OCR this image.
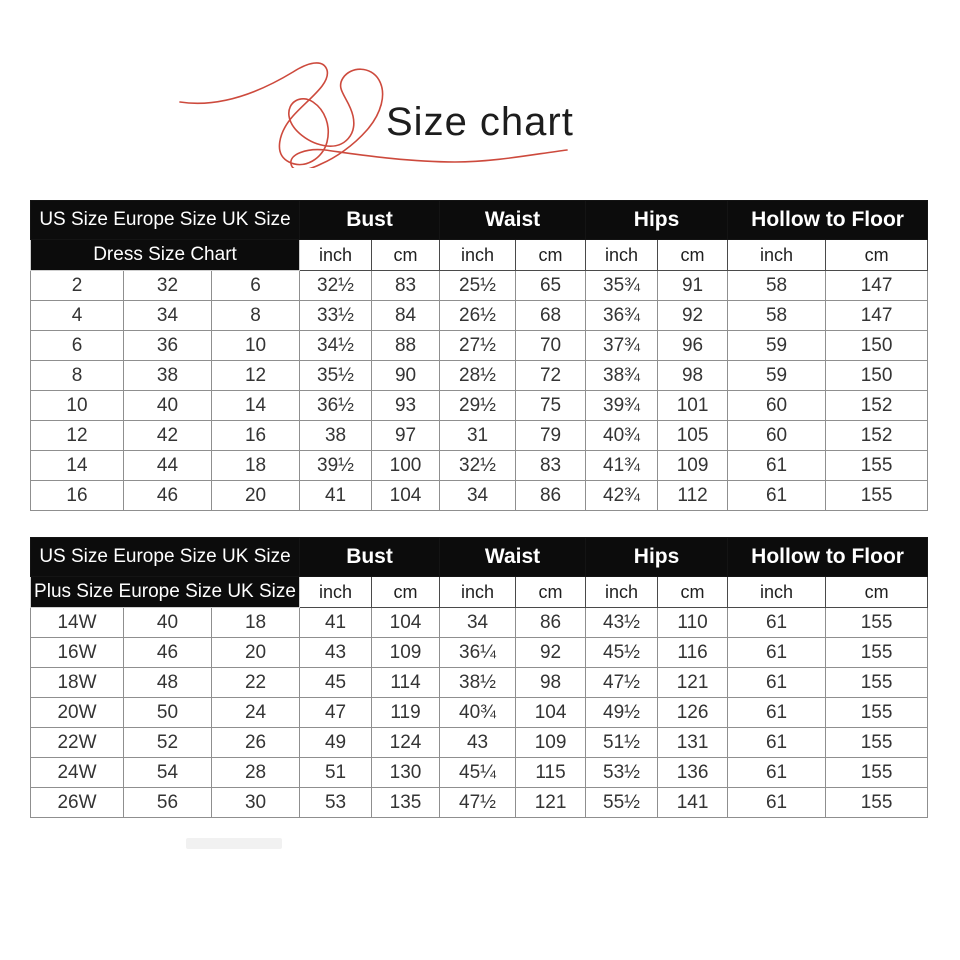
Size chart
US Size Europe Size UK Size			Bust		Waist		Hips		Hollow to Floor	
Dress Size Chart			inch	cm	inch	cm	inch	cm	inch	cm
2	32	6	32½	83	25½	65	35¾	91	58	147
4	34	8	33½	84	26½	68	36¾	92	58	147
6	36	10	34½	88	27½	70	37¾	96	59	150
8	38	12	35½	90	28½	72	38¾	98	59	150
10	40	14	36½	93	29½	75	39¾	101	60	152
12	42	16	38	97	31	79	40¾	105	60	152
14	44	18	39½	100	32½	83	41¾	109	61	155
16	46	20	41	104	34	86	42¾	112	61	155
US Size Europe Size UK Size			Bust		Waist		Hips		Hollow to Floor	
Plus Size Europe Size UK Size			inch	cm	inch	cm	inch	cm	inch	cm
14W	40	18	41	104	34	86	43½	110	61	155
16W	46	20	43	109	36¼	92	45½	116	61	155
18W	48	22	45	114	38½	98	47½	121	61	155
20W	50	24	47	119	40¾	104	49½	126	61	155
22W	52	26	49	124	43	109	51½	131	61	155
24W	54	28	51	130	45¼	115	53½	136	61	155
26W	56	30	53	135	47½	121	55½	141	61	155
